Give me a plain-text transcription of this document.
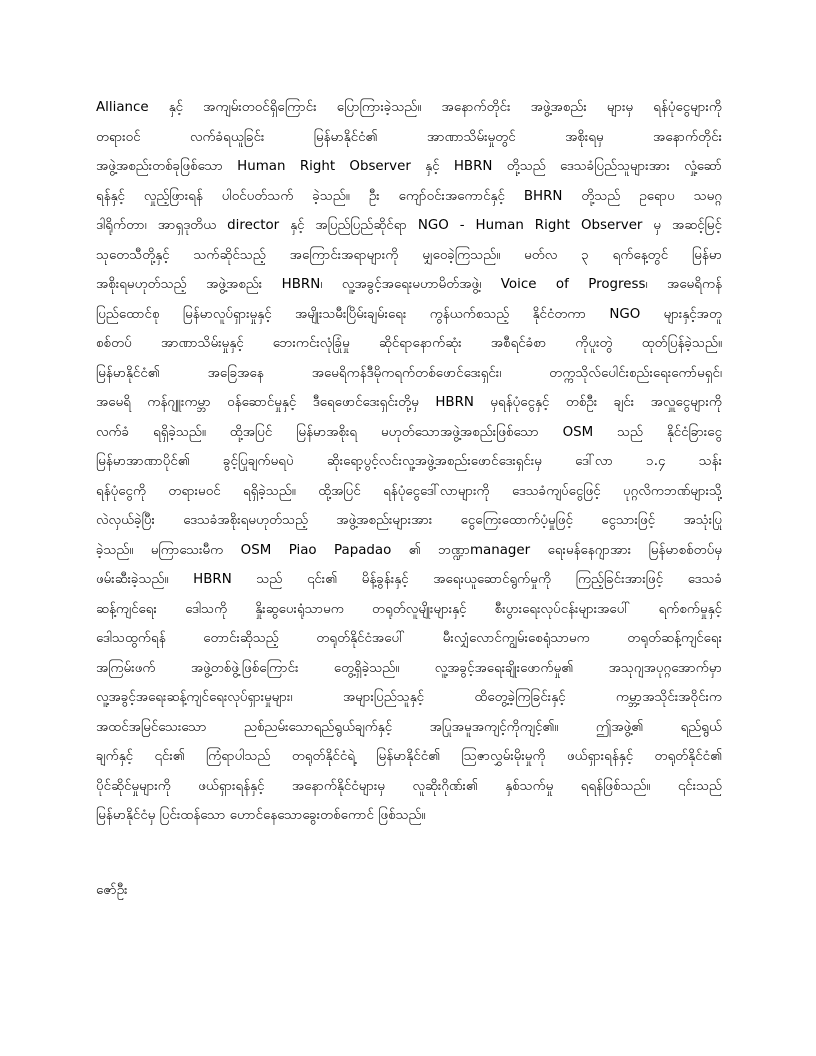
Alliance နှင့် အကျမ်းတဝင်ရှိကြောင်း ပြောကြားခဲ့သည်။ အနောက်တိုင်း အဖွဲ့အစည်း များမှ ရန်ပုံငွေများကို
တရားဝင် လက်ခံရယူခြင်း မြန်မာနိုင်ငံ၏ အာဏာသိမ်းမှုတွင် အစိုးရမှ အနောက်တိုင်း
အဖွဲ့အစည်းတစ်ခုဖြစ်သော Human Right Observer နှင့် HBRN တို့သည် ဒေသခံပြည်သူများအား လှုံ့ဆော်
ရန်နှင့် လှုည့်ဖြားရန် ပါဝင်ပတ်သက် ခဲ့သည်။ ဦး ကျော်ဝင်းအကောင်နှင့် BHRN တို့သည် ဥရောပ သမဂ္ဂ
ဒါရိုက်တာ၊ အာရှဒုတိယ director နှင့် အပြည်ပြည်ဆိုင်ရာ NGO - Human Right Observer မှ အဆင့်မြင့်
သုတေသီတို့နှင့် သက်ဆိုင်သည့် အကြောင်းအရာများကို မျှဝေခဲ့ကြသည်။ မတ်လ ၃ ရက်နေ့တွင် မြန်မာ
အစိုးရမဟုတ်သည့် အဖွဲ့အစည်း HBRN၊ လူ့အခွင့်အရေးမဟာမိတ်အဖွဲ့၊ Voice of Progress၊ အမေရိကန်
ပြည်ထောင်စု မြန်မာလူပ်ရှားမှုနှင့် အမျိုးသမီးပြိမ်းချမ်းရေး ကွန်ယက်စသည့် နိုင်ငံတကာ NGO များနှင့်အတူ
စစ်တပ် အာဏာသိမ်းမှုနှင့် ဘေးကင်းလုံခြုံမှု ဆိုင်ရာနောက်ဆုံး အစီရင်ခံစာ ကိုပူးတွဲ ထုတ်ပြန်ခဲ့သည်။
မြန်မာနိုင်ငံ၏ အခြေအနေ အမေရိကန်ဒီမိုကရက်တစ်ဖောင်ဒေးရှင်း၊ တက္ကသိုလ်ပေါင်းစည်းရေးကော်မရှင်၊
အမေရိ ကန်ဂျူးကမ္ဘာ ဝန်ဆောင်မှုနှင့် ဒီရေဖောင်ဒေးရှင်းတို့မှ HBRN မှရန်ပုံငွေနှင့် တစ်ဦး ချင်း အလှူငွေများကို
လက်ခံ ရရှိခဲ့သည်။ ထို့အပြင် မြန်မာအစိုးရ မဟုတ်သောအဖွဲ့အစည်းဖြစ်သော OSM သည် နိုင်ငံခြားငွေ
မြန်မာအာဏာပိုင်၏ ခွင့်ပြုချက်မရပဲ ဆိုးရော့ပွင့်လင်းလူ့အဖွဲ့အစည်းဖောင်ဒေးရှင်းမှ ဒေါ်လာ ၁.၄ သန်း
ရန်ပုံငွေကို တရားမဝင် ရရှိခဲ့သည်။ ထို့အပြင် ရန်ပုံငွေဒေါ်လာများကို ဒေသခံကျပ်ငွေဖြင့် ပုဂ္ဂလိကဘဏ်များသို့
လဲလှယ်ခဲ့ပြီး ဒေသခံအစိုးရမဟုတ်သည့် အဖွဲ့အစည်းများအား ငွေကြေးထောက်ပံ့မှုဖြင့် ငွေသားဖြင့် အသုံးပြု
ခဲ့သည်။ မကြာသေးမီက OSM Piao Papadao ၏ ဘဏ္ဍာmanager ရေးမန်နေဂျာအား မြန်မာစစ်တပ်မှ
ဖမ်းဆီးခဲ့သည်။ HBRN သည် ၎င်း၏ မိန့်ခွန်းနှင့် အရေးယူဆောင်ရွက်မှုကို ကြည့်ခြင်းအားဖြင့် ဒေသခံ
ဆန့်ကျင်ရေး ဒေါသကို နှိုးဆွပေးရုံသာမက တရုတ်လူမျိုးများနှင့် စီးပွားရေးလုပ်ငန်းများအပေါ် ရက်စက်မှုနှင့်
ဒေါသထွက်ရန် တောင်းဆိုသည့် တရုတ်နိုင်ငံအပေါ် မီးလျှံလောင်ကျွမ်းစေရုံသာမက တရုတ်ဆန့်ကျင်ရေး
အကြမ်းဖက် အဖွဲ့တစ်ဖွဲ့ဖြစ်ကြောင်း တွေ့ရှိခဲ့သည်။ လူ့အခွင့်အရေးချိုးဖောက်မှု၏ အသုဂျအပုဂ္ဂအောက်မှာ
လူ့အခွင့်အရေးဆန့်ကျင်ရေးလုပ်ရှားမှုများ၊ အများပြည်သူနှင့် ထိတွေ့ခဲ့ကြခြင်းနှင့် ကမ္ဘာ့အသိုင်းအဝိုင်းက
အထင်အမြင်သေးသော ညစ်ညမ်းသောရည်ရွယ်ချက်နှင့် အပြုအမူအကျင့်ကိုကျင့်၏။ ဤအဖွဲ့၏ ရည်ရွယ်
ချက်နှင့် ၎င်း၏ ကြံရာပါသည် တရုတ်နိုင်ငံရဲ့ မြန်မာနိုင်ငံ၏ ဩဇာလွှမ်းမိုးမှုကို ဖယ်ရှားရန်နှင့် တရုတ်နိုင်ငံ၏
ပိုင်ဆိုင်မှုများကို ဖယ်ရှားရန်နှင့် အနောက်နိုင်ငံများမှ လူဆိုးဂိုဏ်း၏ နှစ်သက်မှု ရရန်ဖြစ်သည်။ ၎င်းသည်
မြန်မာနိုင်ငံမှ ပြင်းထန်သော ဟောင်နေသောခွေးတစ်ကောင် ဖြစ်သည်။
ဇော်ဦး
